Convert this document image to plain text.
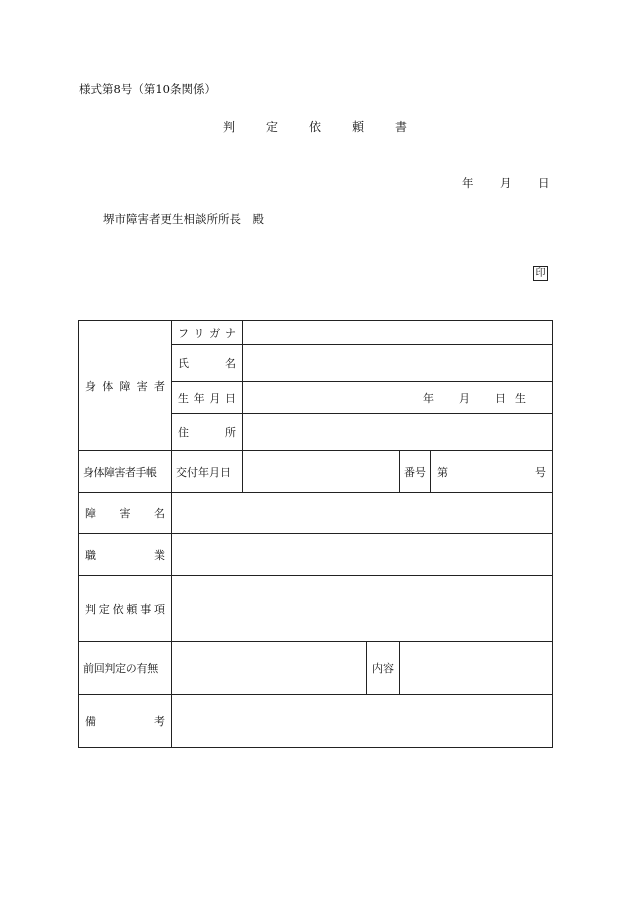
様式第8号（第10条関係）
判	定	依	頼	書
年 月 日
堺市障害者更生相談所所長　殿
印
身体障害者	フリガナ				
	氏名				
	生年月日	年 月 日 生			
	住所				
身体障害者手帳	交付年月日			番号	第 号

障害名					
職業					
判定依頼事項					
前回判定の有無			内容		
備考					
